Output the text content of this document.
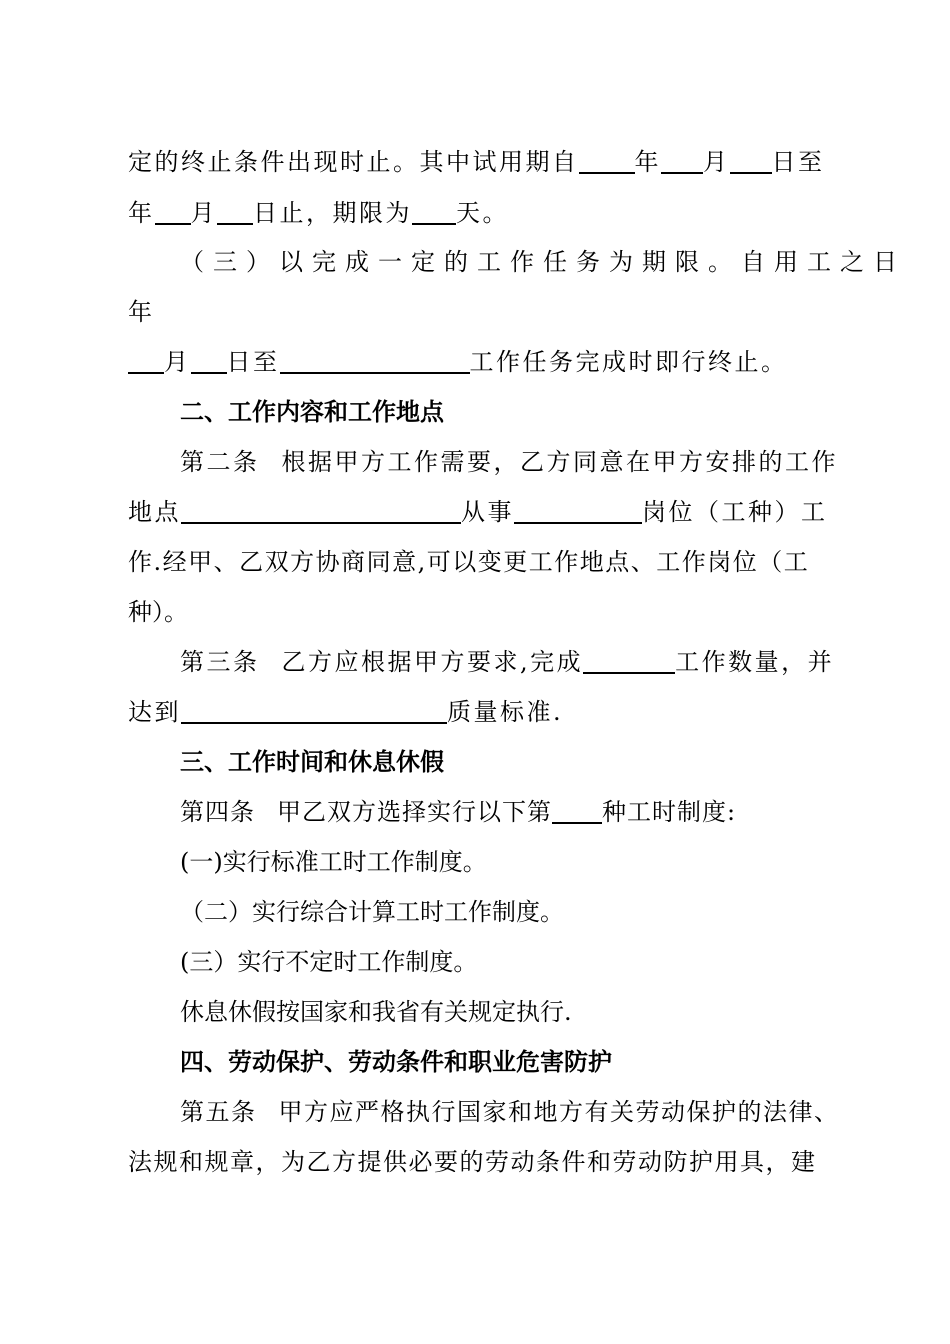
定的终止条件出现时止。其中试用期自 年 月 日至
年 月 日止，期限为 天。
（三）以完成一定的工作任务为期限。自用工之日
年
月 日至	工作任务完成时即行终止。
二、工作内容和工作地点
第二条 根据甲方工作需要，乙方同意在甲方安排的工作
地点	从事	岗位（工种）工
作.经甲、乙双方协商同意,可以变更工作地点、工作岗位（工
种）。
第三条 乙方应根据甲方要求,完成	工作数量，并
达到	质量标准.
三、工作时间和休息休假
第四条 甲乙双方选择实行以下第 种工时制度:
(一)实行标准工时工作制度。
（二）实行综合计算工时工作制度。
(三）实行不定时工作制度。
休息休假按国家和我省有关规定执行.
四、劳动保护、劳动条件和职业危害防护
第五条 甲方应严格执行国家和地方有关劳动保护的法律、
法规和规章，为乙方提供必要的劳动条件和劳动防护用具，建
